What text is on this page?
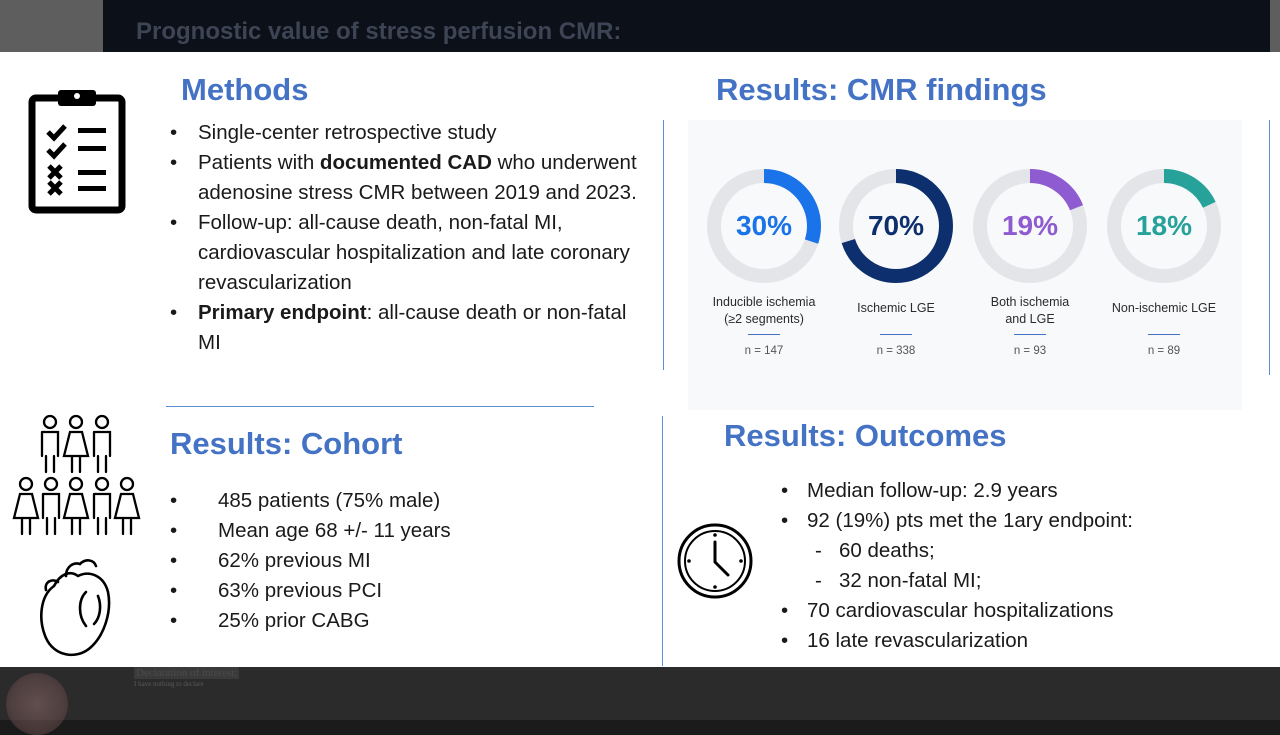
Prognostic value of stress perfusion CMR:
Methods
• Single-center retrospective study
• Patients with documented CAD who underwent adenosine stress CMR between 2019 and 2023.
• Follow-up: all-cause death, non-fatal MI, cardiovascular hospitalization and late coronary revascularization
• Primary endpoint: all-cause death or non-fatal MI
Results: CMR findings
30%
Inducible ischemia
(≥2 segments)
n = 147
70%
Ischemic LGE
n = 338
19%
Both ischemia
and LGE
n = 93
18%
Non-ischemic LGE
n = 89
Results: Cohort
• 485 patients (75% male)
• Mean age 68 +/- 11 years
• 62% previous MI
• 63% previous PCI
• 25% prior CABG
Results: Outcomes
• Median follow-up: 2.9 years
• 92 (19%) pts met the 1ary endpoint:
- 60 deaths;
- 32 non-fatal MI;
• 70 cardiovascular hospitalizations
• 16 late revascularization
Declaration of interest:
I have nothing to declare
